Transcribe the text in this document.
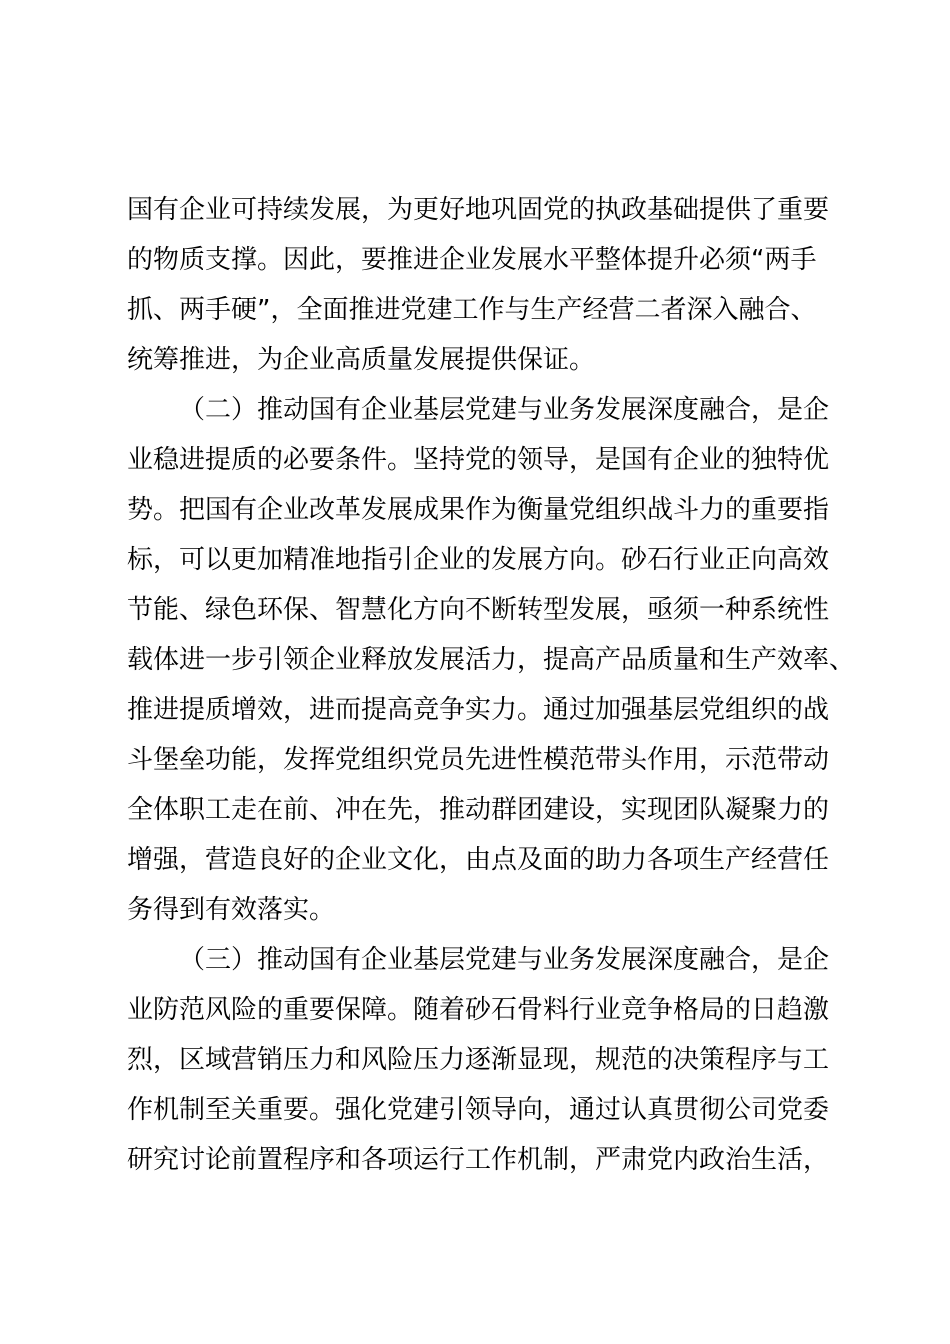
国有企业可持续发展，为更好地巩固党的执政基础提供了重要
的物质支撑。因此，要推进企业发展水平整体提升必须“两手
抓、两手硬”，全面推进党建工作与生产经营二者深入融合、
统筹推进，为企业高质量发展提供保证。
（二）推动国有企业基层党建与业务发展深度融合，是企
业稳进提质的必要条件。坚持党的领导，是国有企业的独特优
势。把国有企业改革发展成果作为衡量党组织战斗力的重要指
标，可以更加精准地指引企业的发展方向。砂石行业正向高效
节能、绿色环保、智慧化方向不断转型发展，亟须一种系统性
载体进一步引领企业释放发展活力，提高产品质量和生产效率、
推进提质增效，进而提高竞争实力。通过加强基层党组织的战
斗堡垒功能，发挥党组织党员先进性模范带头作用，示范带动
全体职工走在前、冲在先，推动群团建设，实现团队凝聚力的
增强，营造良好的企业文化，由点及面的助力各项生产经营任
务得到有效落实。
（三）推动国有企业基层党建与业务发展深度融合，是企
业防范风险的重要保障。随着砂石骨料行业竞争格局的日趋激
烈，区域营销压力和风险压力逐渐显现，规范的决策程序与工
作机制至关重要。强化党建引领导向，通过认真贯彻公司党委
研究讨论前置程序和各项运行工作机制，严肃党内政治生活，
